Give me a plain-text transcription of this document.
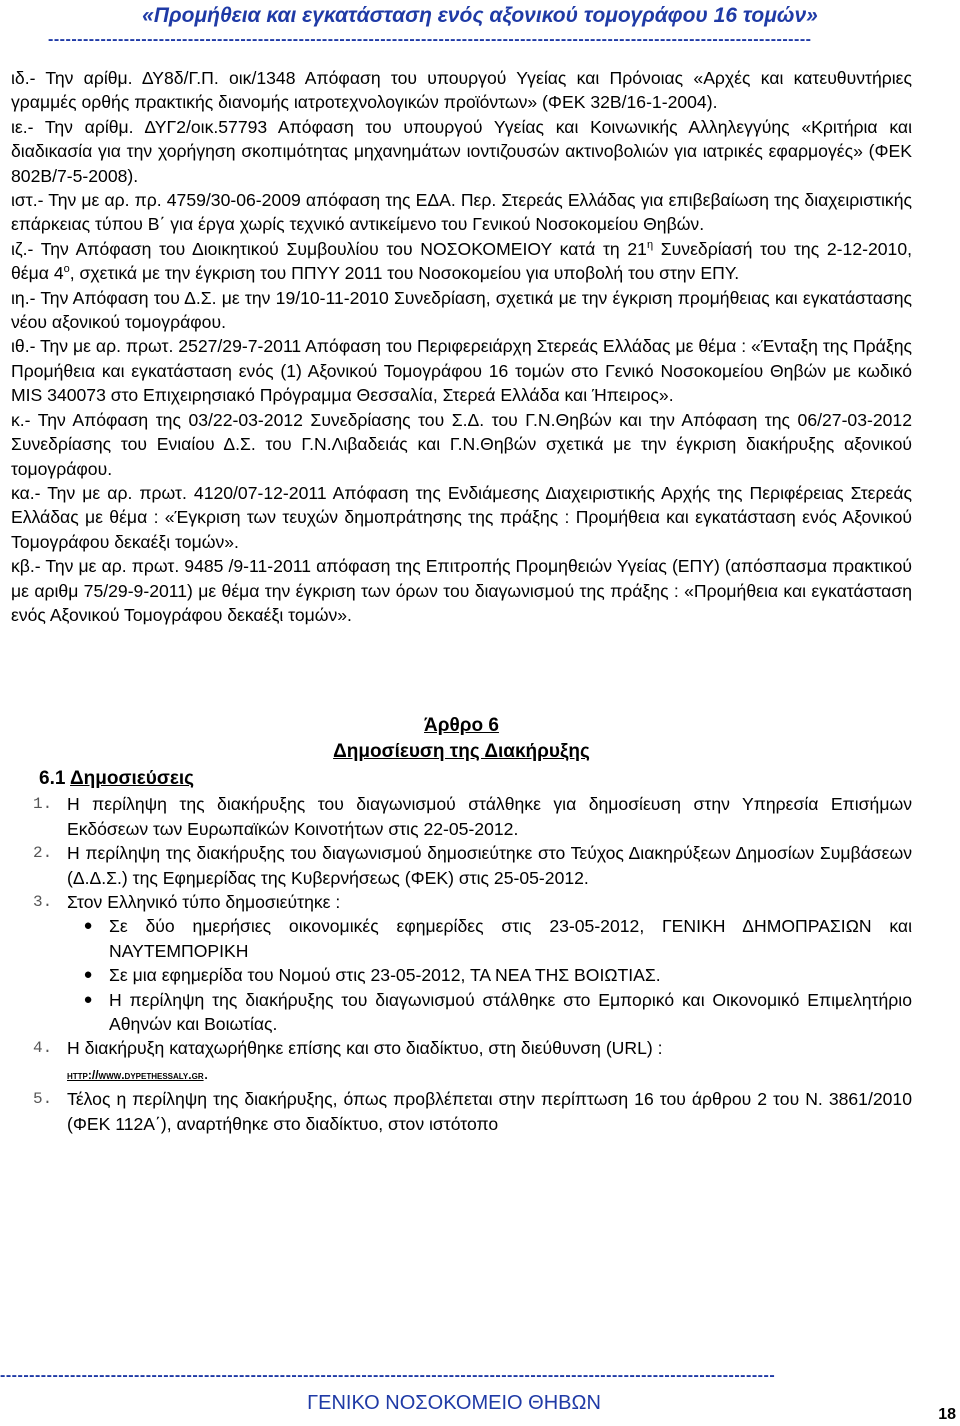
«Προμήθεια και εγκατάσταση ενός αξονικού τομογράφου 16 τομών»
-----------------------------------------------------------------------------------------------------------------------------------

ιδ.- Την αρίθμ. ΔΥ8δ/Γ.Π. οικ/1348 Απόφαση του υπουργού Υγείας και Πρόνοιας «Αρχές και κατευθυντήριες γραμμές ορθής πρακτικής διανομής ιατροτεχνολογικών προϊόντων» (ΦΕΚ 32Β/16-1-2004).

ιε.- Την αρίθμ. ΔΥΓ2/οικ.57793 Απόφαση του υπουργού Υγείας και Κοινωνικής Αλληλεγγύης «Κριτήρια και διαδικασία για την χορήγηση σκοπιμότητας μηχανημάτων ιοντιζουσών ακτινοβολιών για ιατρικές εφαρμογές» (ΦΕΚ 802Β/7-5-2008).

ιστ.- Την με αρ. πρ. 4759/30-06-2009 απόφαση της ΕΔΑ. Περ. Στερεάς Ελλάδας για επιβεβαίωση της διαχειριστικής επάρκειας τύπου Β΄ για έργα χωρίς τεχνικό αντικείμενο του Γενικού Νοσοκομείου Θηβών.

ιζ.- Την Απόφαση του Διοικητικού Συμβουλίου του ΝΟΣΟΚΟΜΕΙΟΥ κατά τη $21^\eta$ Συνεδρίασή του της 2-12-2010, θέμα $4^o$, σχετικά με την έγκριση του ΠΠΥΥ 2011 του Νοσοκομείου για υποβολή του στην ΕΠΥ.

ιη.- Την Απόφαση του Δ.Σ. με την 19/10-11-2010 Συνεδρίαση, σχετικά με την έγκριση προμήθειας και εγκατάστασης νέου αξονικού τομογράφου.

ιθ.- Την με αρ. πρωτ. 2527/29-7-2011 Απόφαση του Περιφερειάρχη Στερεάς Ελλάδας με θέμα : «Ένταξη της Πράξης Προμήθεια και εγκατάσταση ενός (1) Αξονικού Τομογράφου 16 τομών στο Γενικό Νοσοκομείου Θηβών με κωδικό MIS 340073 στο Επιχειρησιακό Πρόγραμμα Θεσσαλία, Στερεά Ελλάδα και Ήπειρος».

κ.- Την Απόφαση της 03/22-03-2012 Συνεδρίασης του Σ.Δ. του Γ.Ν.Θηβών και την Απόφαση της 06/27-03-2012 Συνεδρίασης του Ενιαίου Δ.Σ. του Γ.Ν.Λιβαδειάς και Γ.Ν.Θηβών σχετικά με την έγκριση διακήρυξης αξονικού τομογράφου.

κα.- Την με αρ. πρωτ. 4120/07-12-2011 Απόφαση της Ενδιάμεσης Διαχειριστικής Αρχής της Περιφέρειας Στερεάς Ελλάδας με θέμα : «Έγκριση των τευχών δημοπράτησης της πράξης : Προμήθεια και εγκατάσταση ενός Αξονικού Τομογράφου δεκαέξι τομών».

κβ.- Την με αρ. πρωτ. 9485 /9-11-2011 απόφαση της Επιτροπής Προμηθειών Υγείας (ΕΠΥ) (απόσπασμα πρακτικού με αριθμ 75/29-9-2011) με θέμα την έγκριση των όρων του διαγωνισμού της πράξης : «Προμήθεια και εγκατάσταση ενός Αξονικού Τομογράφου δεκαέξι τομών».

Άρθρο 6
Δημοσίευση της Διακήρυξης
6.1 Δημοσιεύσεις
1. Η περίληψη της διακήρυξης του διαγωνισμού στάλθηκε για δημοσίευση στην Υπηρεσία Επισήμων Εκδόσεων των Ευρωπαϊκών Κοινοτήτων στις 22-05-2012.
2. Η περίληψη της διακήρυξης του διαγωνισμού δημοσιεύτηκε στο Τεύχος Διακηρύξεων Δημοσίων Συμβάσεων (Δ.Δ.Σ.) της Εφημερίδας της Κυβερνήσεως (ΦΕΚ) στις 25-05-2012.
3. Στον Ελληνικό τύπο δημοσιεύτηκε :
● Σε δύο ημερήσιες οικονομικές εφημερίδες στις 23-05-2012, ΓΕΝΙΚΗ ΔΗΜΟΠΡΑΣΙΩΝ και ΝΑΥΤΕΜΠΟΡΙΚΗ
● Σε μια εφημερίδα του Νομού στις 23-05-2012, ΤΑ ΝΕΑ ΤΗΣ ΒΟΙΩΤΙΑΣ.
● Η περίληψη της διακήρυξης του διαγωνισμού στάλθηκε στο Εμπορικό και Οικονομικό Επιμελητήριο Αθηνών και Βοιωτίας.
4. Η διακήρυξη καταχωρήθηκε επίσης και στο διαδίκτυο, στη διεύθυνση (URL) :
http://www.dypethessaly.gr.
5. Τέλος η περίληψη της διακήρυξης, όπως προβλέπεται στην περίπτωση 16 του άρθρου 2 του Ν. 3861/2010 (ΦΕΚ 112Α΄), αναρτήθηκε στο διαδίκτυο, στον ιστότοπο
-------------------------------------------------------------------------------------------------------------------------------------
ΓΕΝΙΚΟ ΝΟΣΟΚΟΜΕΙΟ ΘΗΒΩΝ
18
